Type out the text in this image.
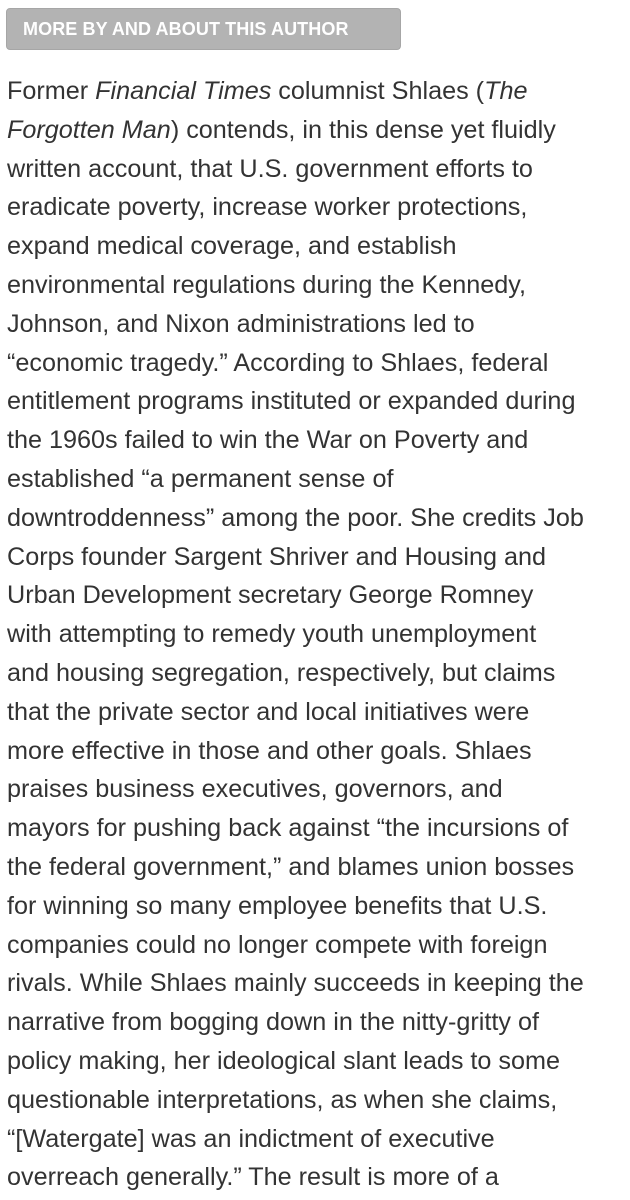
MORE BY AND ABOUT THIS AUTHOR

Former Financial Times columnist Shlaes (The
Forgotten Man) contends, in this dense yet fluidly
written account, that U.S. government efforts to
eradicate poverty, increase worker protections,
expand medical coverage, and establish
environmental regulations during the Kennedy,
Johnson, and Nixon administrations led to
“economic tragedy.” According to Shlaes, federal
entitlement programs instituted or expanded during
the 1960s failed to win the War on Poverty and
established “a permanent sense of
downtroddenness” among the poor. She credits Job
Corps founder Sargent Shriver and Housing and
Urban Development secretary George Romney
with attempting to remedy youth unemployment
and housing segregation, respectively, but claims
that the private sector and local initiatives were
more effective in those and other goals. Shlaes
praises business executives, governors, and
mayors for pushing back against “the incursions of
the federal government,” and blames union bosses
for winning so many employee benefits that U.S.
companies could no longer compete with foreign
rivals. While Shlaes mainly succeeds in keeping the
narrative from bogging down in the nitty-gritty of
policy making, her ideological slant leads to some
questionable interpretations, as when she claims,
“[Watergate] was an indictment of executive
overreach generally.” The result is more of a
